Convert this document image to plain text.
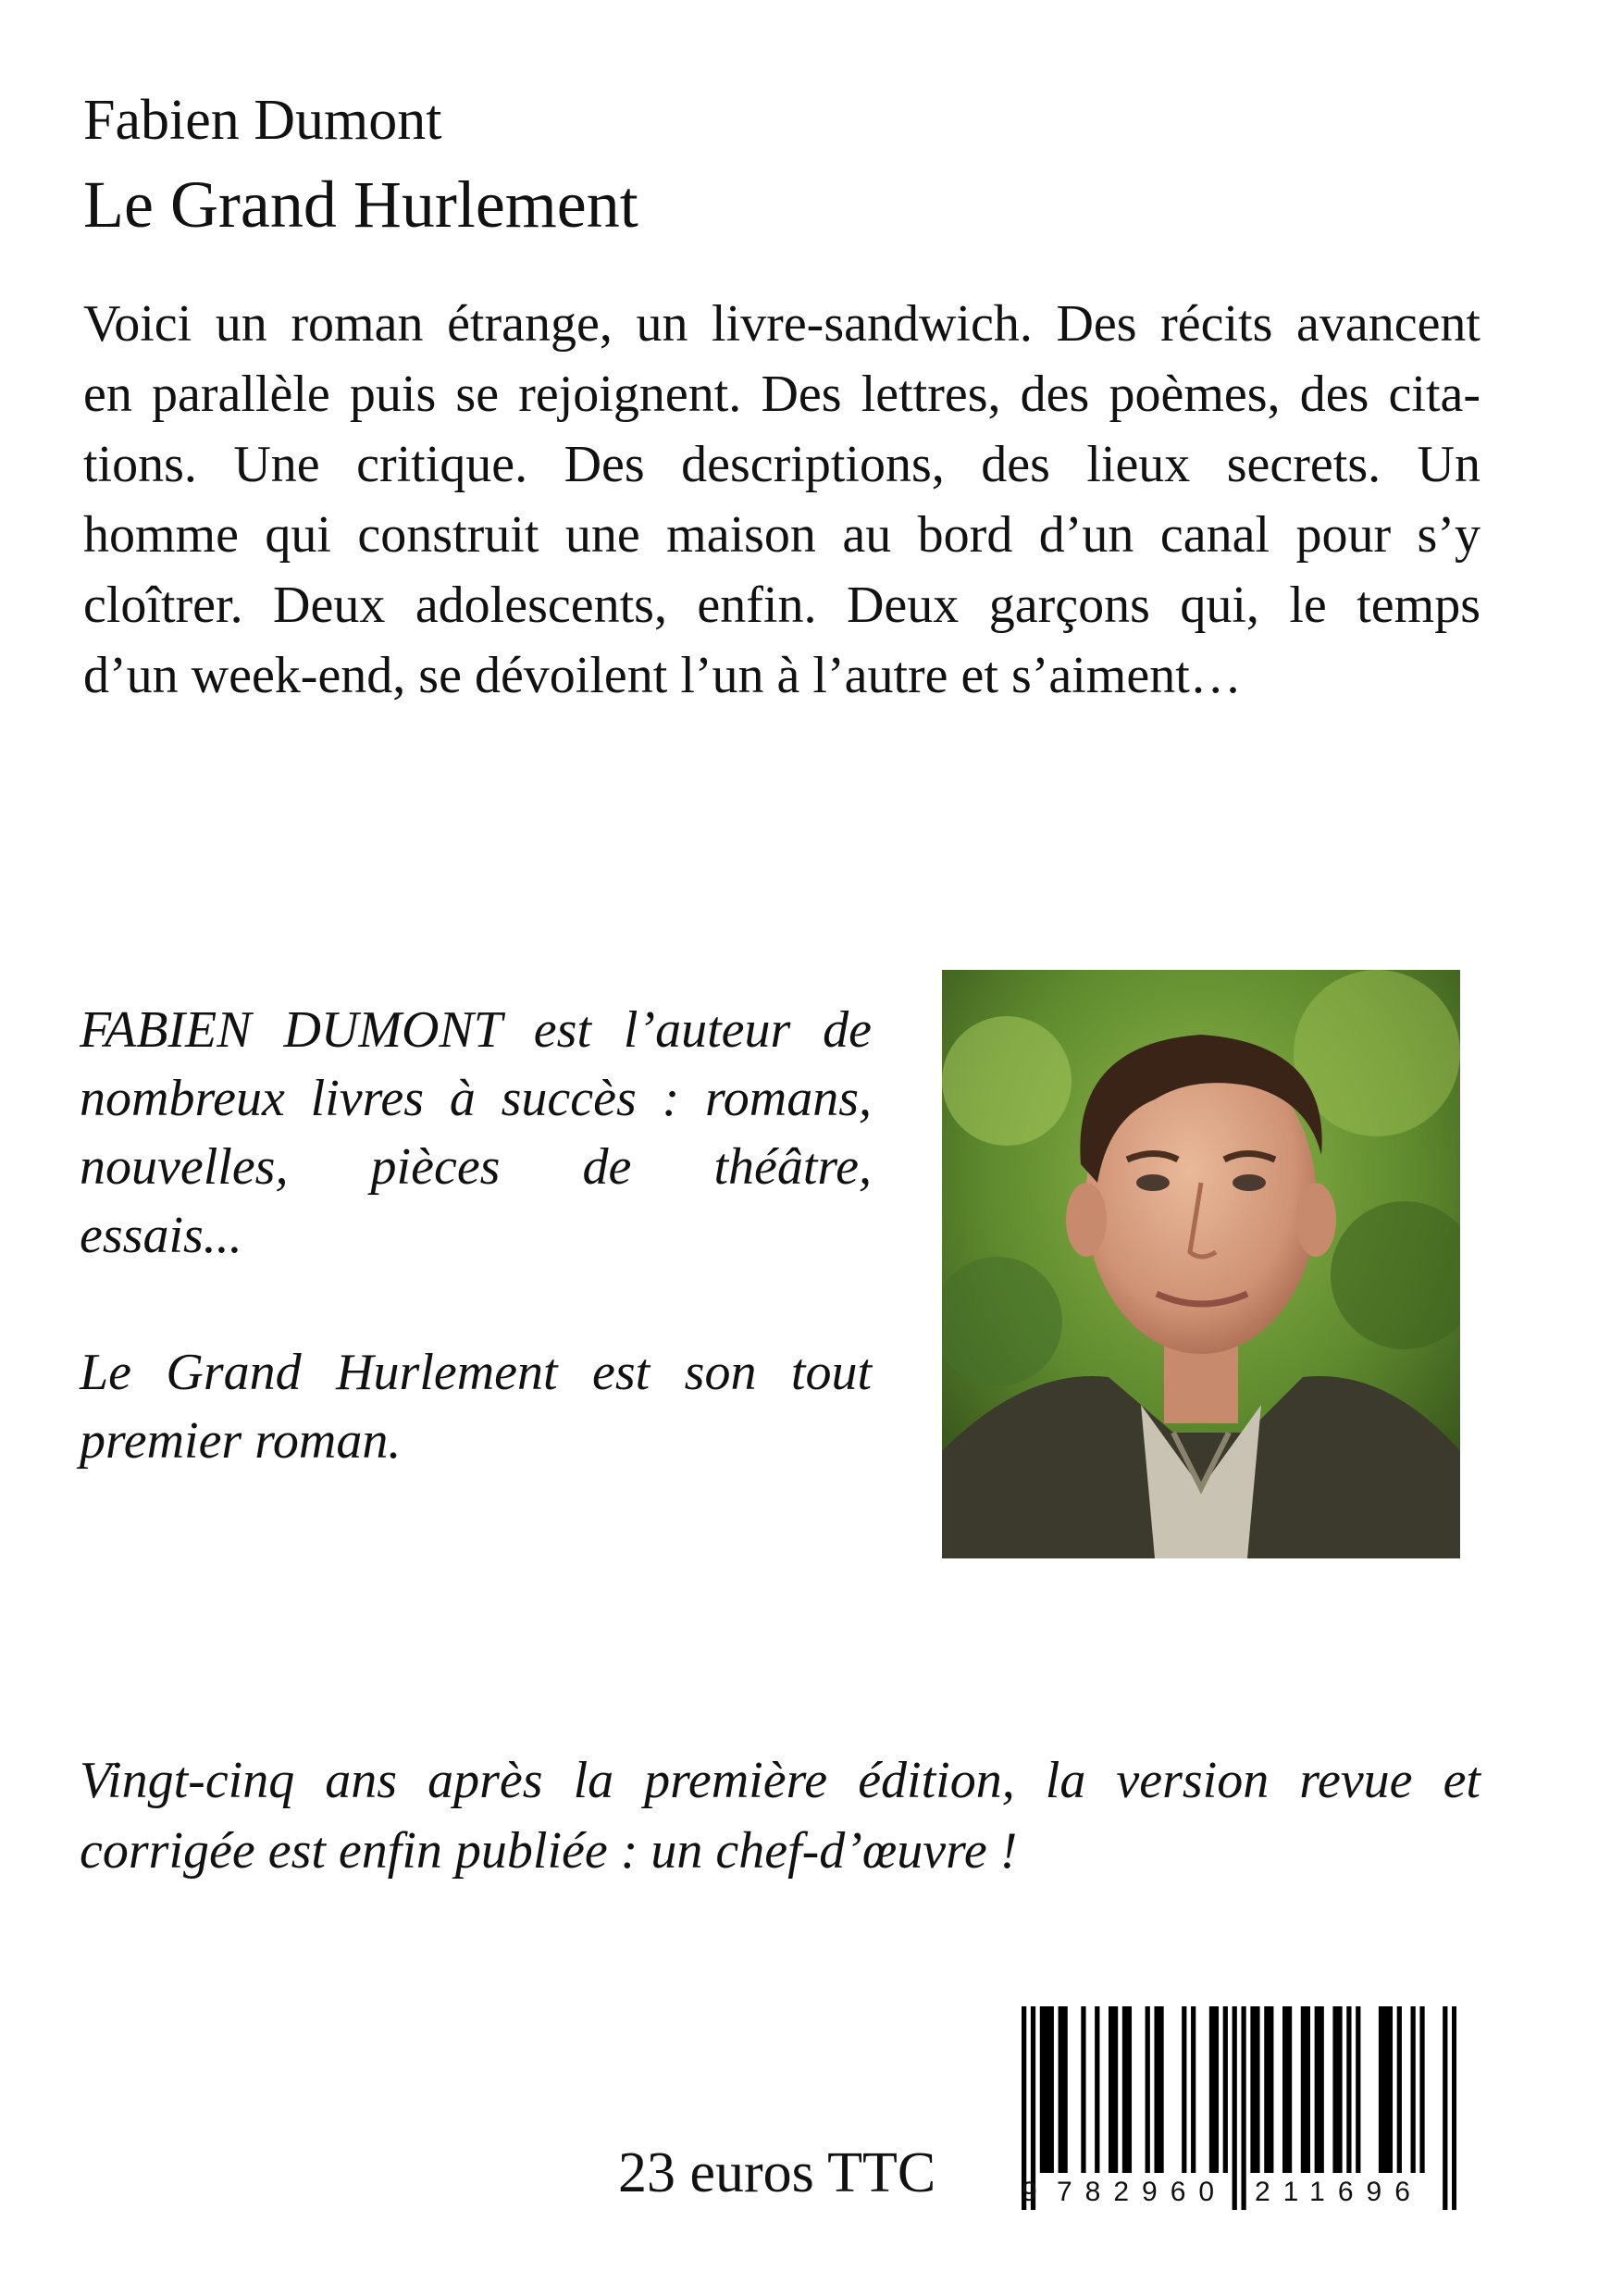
Fabien Dumont
Le Grand Hurlement
Voici un roman étrange, un livre-sandwich. Des récits avancent
en parallèle puis se rejoignent. Des lettres, des poèmes, des cita-
tions. Une critique. Des descriptions, des lieux secrets. Un
homme qui construit une maison au bord d’un canal pour s’y
cloîtrer. Deux adolescents, enfin. Deux garçons qui, le temps
d’un week-end, se dévoilent l’un à l’autre et s’aiment…
FABIEN DUMONT est l’auteur de
nombreux livres à succès : romans,
nouvelles, pièces de théâtre,
essais...
Le Grand Hurlement est son tout
premier roman.
Vingt-cinq ans après la première édition, la version revue et
corrigée est enfin publiée : un chef-d’œuvre !
23 euros TTC	9 782960 211696
